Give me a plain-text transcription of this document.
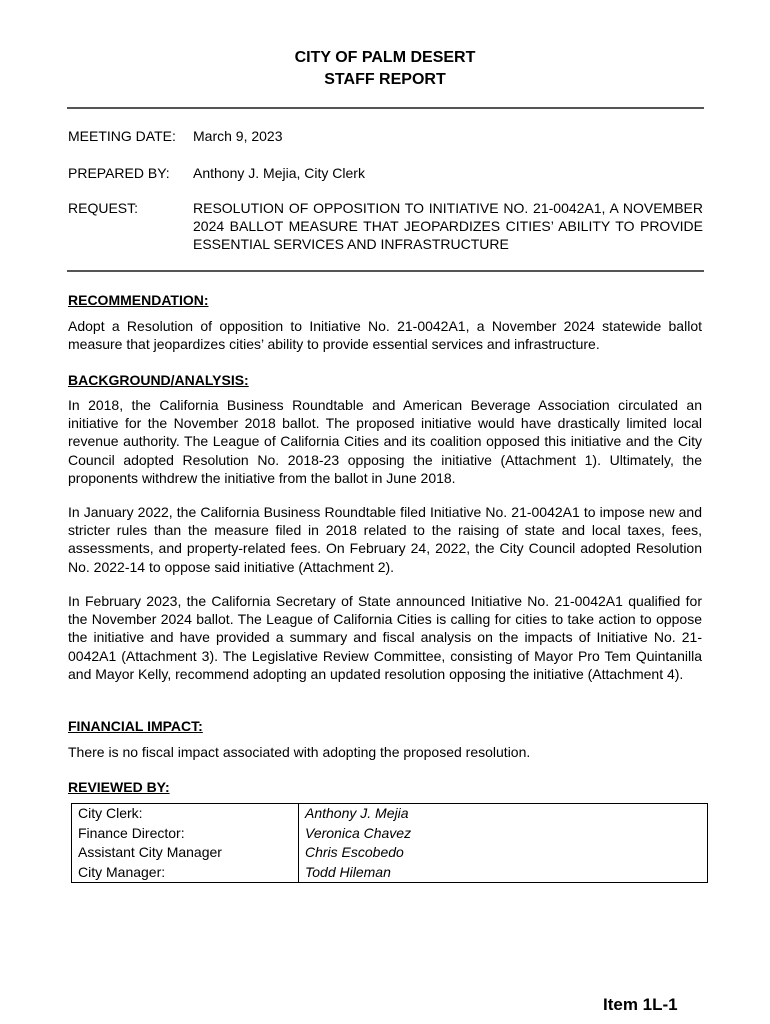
CITY OF PALM DESERT
STAFF REPORT
MEETING DATE: March 9, 2023
PREPARED BY: Anthony J. Mejia, City Clerk
REQUEST:	RESOLUTION OF OPPOSITION TO INITIATIVE NO. 21-0042A1, A NOVEMBER 2024 BALLOT MEASURE THAT JEOPARDIZES CITIES’ ABILITY TO PROVIDE ESSENTIAL SERVICES AND INFRASTRUCTURE
RECOMMENDATION:
Adopt a Resolution of opposition to Initiative No. 21-0042A1, a November 2024 statewide ballot measure that jeopardizes cities’ ability to provide essential services and infrastructure.
BACKGROUND/ANALYSIS:
In 2018, the California Business Roundtable and American Beverage Association circulated an initiative for the November 2018 ballot. The proposed initiative would have drastically limited local revenue authority. The League of California Cities and its coalition opposed this initiative and the City Council adopted Resolution No. 2018-23 opposing the initiative (Attachment 1). Ultimately, the proponents withdrew the initiative from the ballot in June 2018.
In January 2022, the California Business Roundtable filed Initiative No. 21-0042A1 to impose new and stricter rules than the measure filed in 2018 related to the raising of state and local taxes, fees, assessments, and property-related fees. On February 24, 2022, the City Council adopted Resolution No. 2022-14 to oppose said initiative (Attachment 2).
In February 2023, the California Secretary of State announced Initiative No. 21-0042A1 qualified for the November 2024 ballot. The League of California Cities is calling for cities to take action to oppose the initiative and have provided a summary and fiscal analysis on the impacts of Initiative No. 21-0042A1 (Attachment 3). The Legislative Review Committee, consisting of Mayor Pro Tem Quintanilla and Mayor Kelly, recommend adopting an updated resolution opposing the initiative (Attachment 4).
FINANCIAL IMPACT:
There is no fiscal impact associated with adopting the proposed resolution.
REVIEWED BY:
City Clerk:	Anthony J. Mejia
Finance Director:	Veronica Chavez
Assistant City Manager	Chris Escobedo
City Manager:	Todd Hileman
Item 1L-1
